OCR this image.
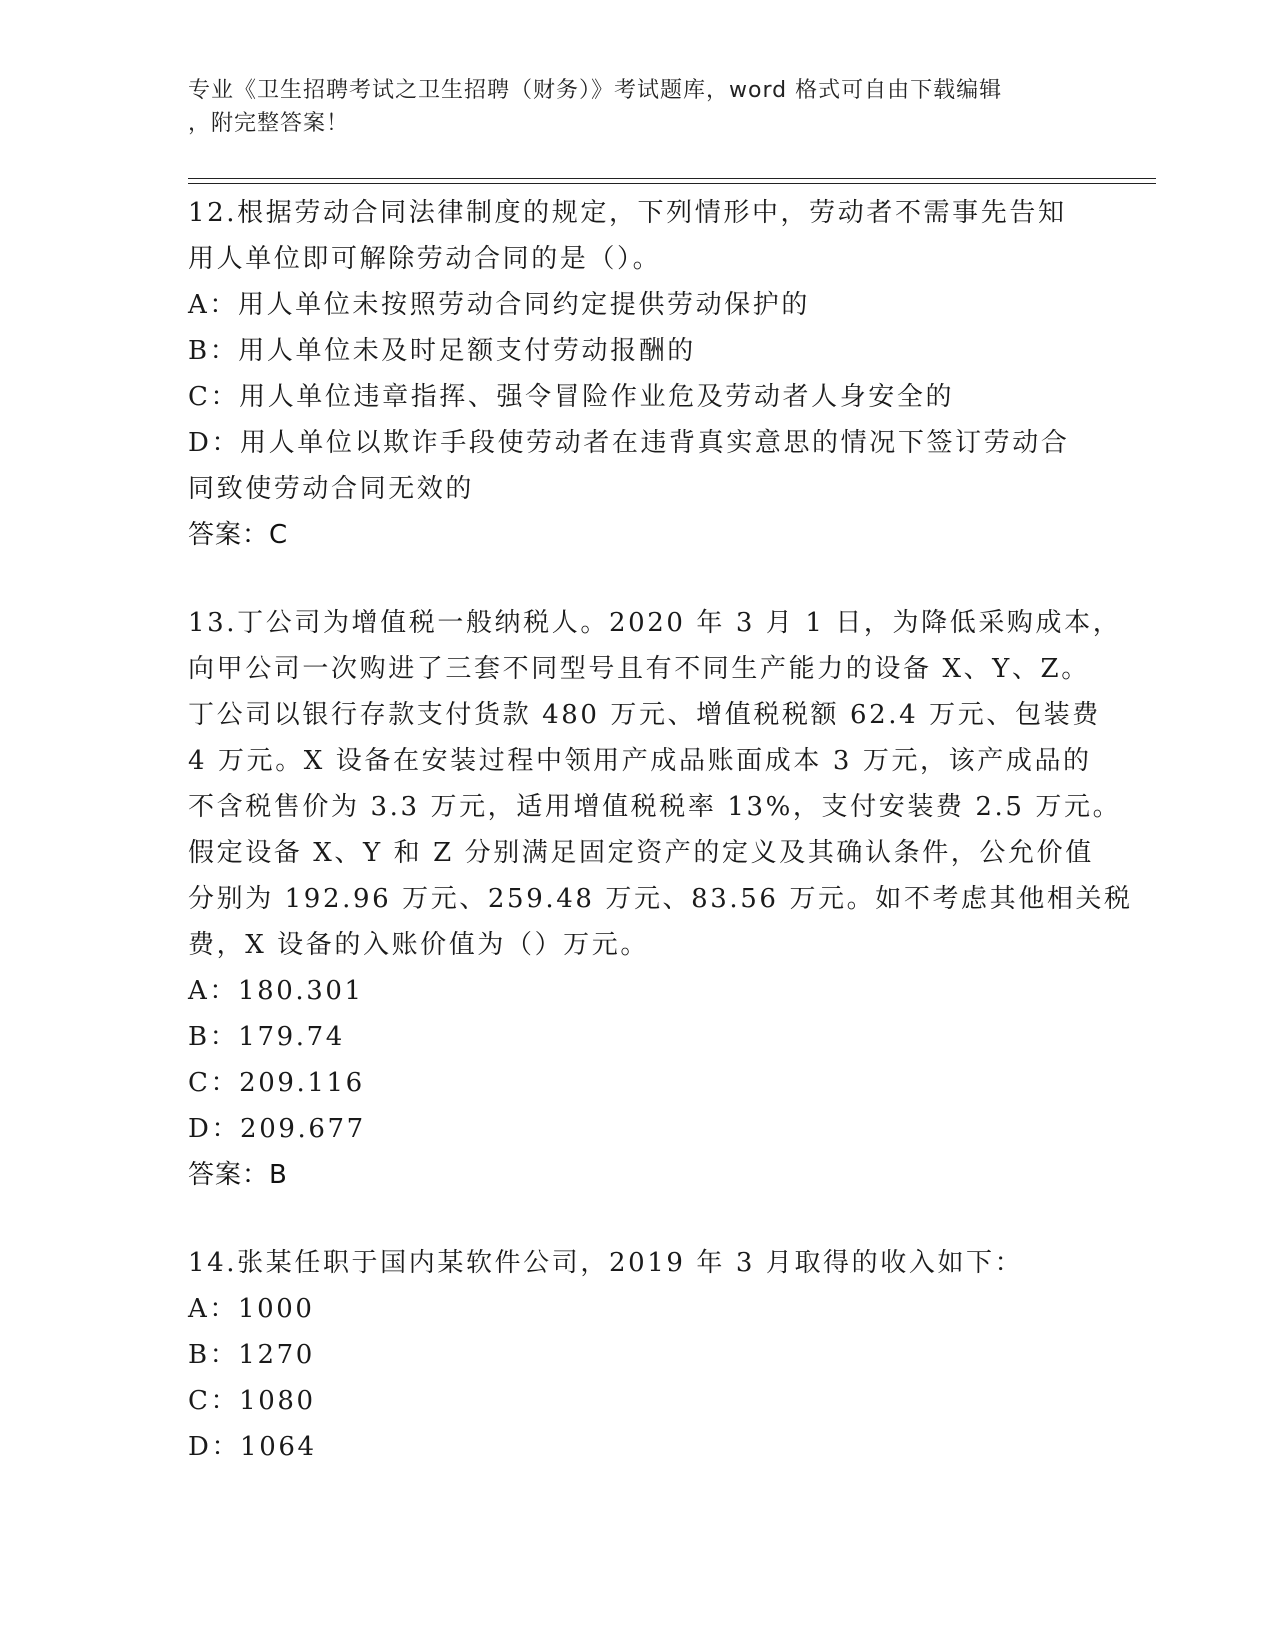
专业《卫生招聘考试之卫生招聘（财务）》考试题库，word 格式可自由下载编辑
，附完整答案！
12.根据劳动合同法律制度的规定，下列情形中，劳动者不需事先告知
用人单位即可解除劳动合同的是（）。
A：用人单位未按照劳动合同约定提供劳动保护的
B：用人单位未及时足额支付劳动报酬的
C：用人单位违章指挥、强令冒险作业危及劳动者人身安全的
D：用人单位以欺诈手段使劳动者在违背真实意思的情况下签订劳动合
同致使劳动合同无效的
答案：C
13.丁公司为增值税一般纳税人。2020 年 3 月 1 日，为降低采购成本，
向甲公司一次购进了三套不同型号且有不同生产能力的设备 X、Y、Z。
丁公司以银行存款支付货款 480 万元、增值税税额 62.4 万元、包装费
4 万元。X 设备在安装过程中领用产成品账面成本 3 万元，该产成品的
不含税售价为 3.3 万元，适用增值税税率 13%，支付安装费 2.5 万元。
假定设备 X、Y 和 Z 分别满足固定资产的定义及其确认条件，公允价值
分别为 192.96 万元、259.48 万元、83.56 万元。如不考虑其他相关税
费，X 设备的入账价值为（）万元。
A：180.301
B：179.74
C：209.116
D：209.677
答案：B
14.张某任职于国内某软件公司，2019 年 3 月取得的收入如下：
A：1000
B：1270
C：1080
D：1064
